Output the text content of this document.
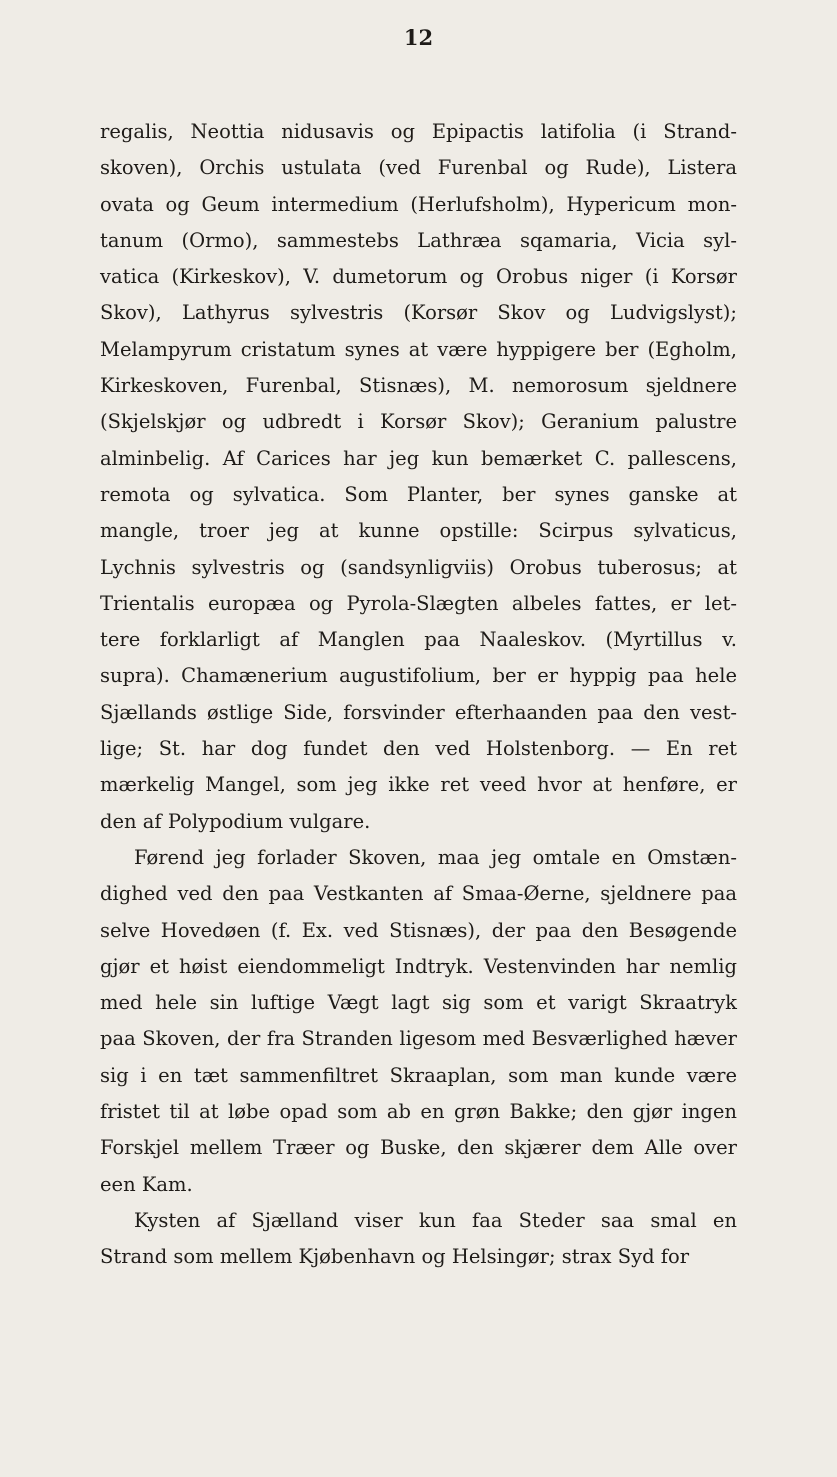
12
regalis, Neottia nidusavis og Epipactis latifolia (i Strand-
skoven), Orchis ustulata (ved Furenbal og Rude), Listera
ovata og Geum intermedium (Herlufsholm), Hypericum mon-
tanum (Ormo), sammestebs Lathræa sqamaria, Vicia syl-
vatica (Kirkeskov), V. dumetorum og Orobus niger (i Korsør
Skov), Lathyrus sylvestris (Korsør Skov og Ludvigslyst);
Melampyrum cristatum synes at være hyppigere ber (Egholm,
Kirkeskoven, Furenbal, Stisnæs), M. nemorosum sjeldnere
(Skjelskjør og udbredt i Korsør Skov); Geranium palustre
alminbelig. Af Carices har jeg kun bemærket C. pallescens,
remota og sylvatica. Som Planter, ber synes ganske at
mangle, troer jeg at kunne opstille: Scirpus sylvaticus,
Lychnis sylvestris og (sandsynligviis) Orobus tuberosus; at
Trientalis europæa og Pyrola-Slægten albeles fattes, er let-
tere forklarligt af Manglen paa Naaleskov. (Myrtillus v.
supra). Chamænerium augustifolium, ber er hyppig paa hele
Sjællands østlige Side, forsvinder efterhaanden paa den vest-
lige; St. har dog fundet den ved Holstenborg. — En ret
mærkelig Mangel, som jeg ikke ret veed hvor at henføre, er
den af Polypodium vulgare.
Førend jeg forlader Skoven, maa jeg omtale en Omstæn-
dighed ved den paa Vestkanten af Smaa-Øerne, sjeldnere paa
selve Hovedøen (f. Ex. ved Stisnæs), der paa den Besøgende
gjør et høist eiendommeligt Indtryk. Vestenvinden har nemlig
med hele sin luftige Vægt lagt sig som et varigt Skraatryk
paa Skoven, der fra Stranden ligesom med Besværlighed hæver
sig i en tæt sammenfiltret Skraaplan, som man kunde være
fristet til at løbe opad som ab en grøn Bakke; den gjør ingen
Forskjel mellem Træer og Buske, den skjærer dem Alle over
een Kam.
Kysten af Sjælland viser kun faa Steder saa smal en
Strand som mellem Kjøbenhavn og Helsingør; strax Syd for
